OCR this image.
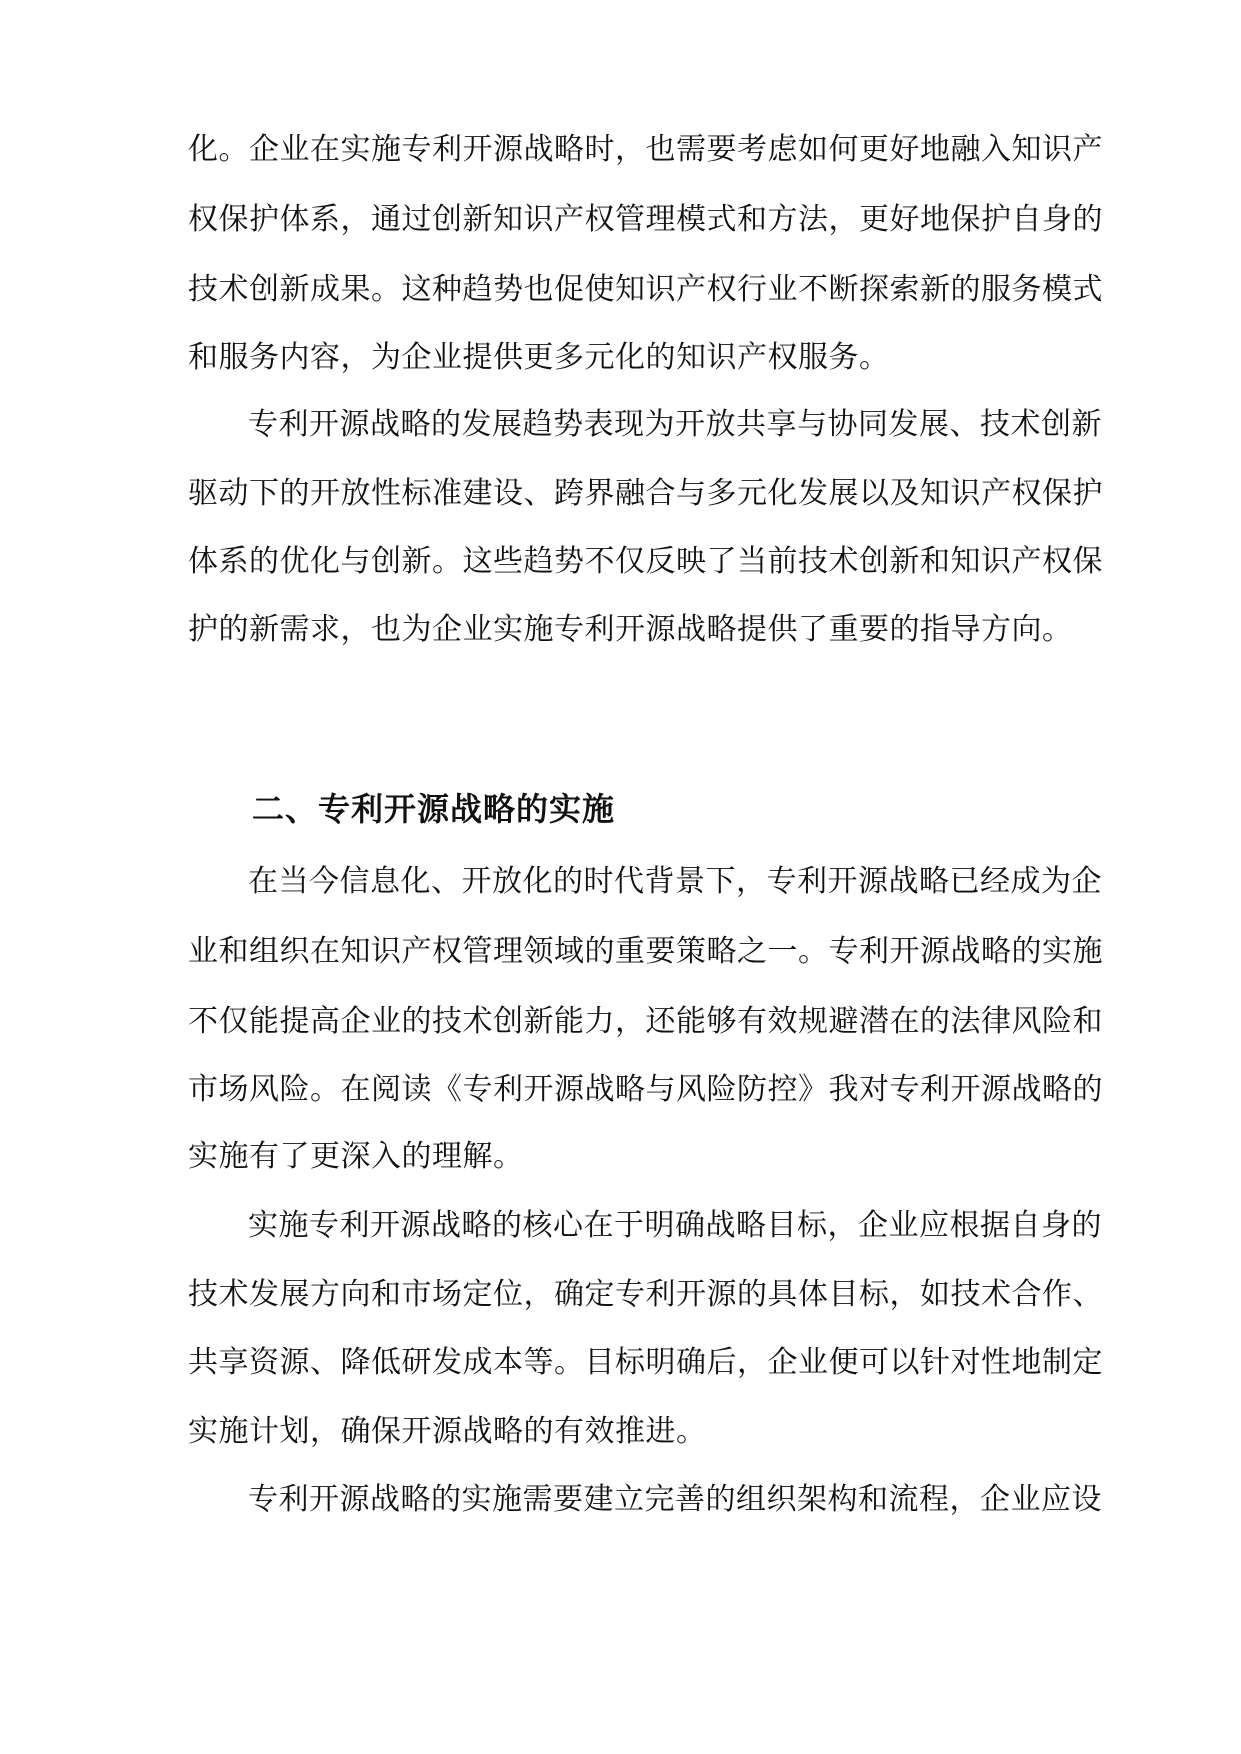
化。企业在实施专利开源战略时，也需要考虑如何更好地融入知识产
权保护体系，通过创新知识产权管理模式和方法，更好地保护自身的
技术创新成果。这种趋势也促使知识产权行业不断探索新的服务模式
和服务内容，为企业提供更多元化的知识产权服务。
专利开源战略的发展趋势表现为开放共享与协同发展、技术创新
驱动下的开放性标准建设、跨界融合与多元化发展以及知识产权保护
体系的优化与创新。这些趋势不仅反映了当前技术创新和知识产权保
护的新需求，也为企业实施专利开源战略提供了重要的指导方向。
二、专利开源战略的实施
在当今信息化、开放化的时代背景下，专利开源战略已经成为企
业和组织在知识产权管理领域的重要策略之一。专利开源战略的实施
不仅能提高企业的技术创新能力，还能够有效规避潜在的法律风险和
市场风险。在阅读《专利开源战略与风险防控》我对专利开源战略的
实施有了更深入的理解。
实施专利开源战略的核心在于明确战略目标，企业应根据自身的
技术发展方向和市场定位，确定专利开源的具体目标，如技术合作、
共享资源、降低研发成本等。目标明确后，企业便可以针对性地制定
实施计划，确保开源战略的有效推进。
专利开源战略的实施需要建立完善的组织架构和流程，企业应设
